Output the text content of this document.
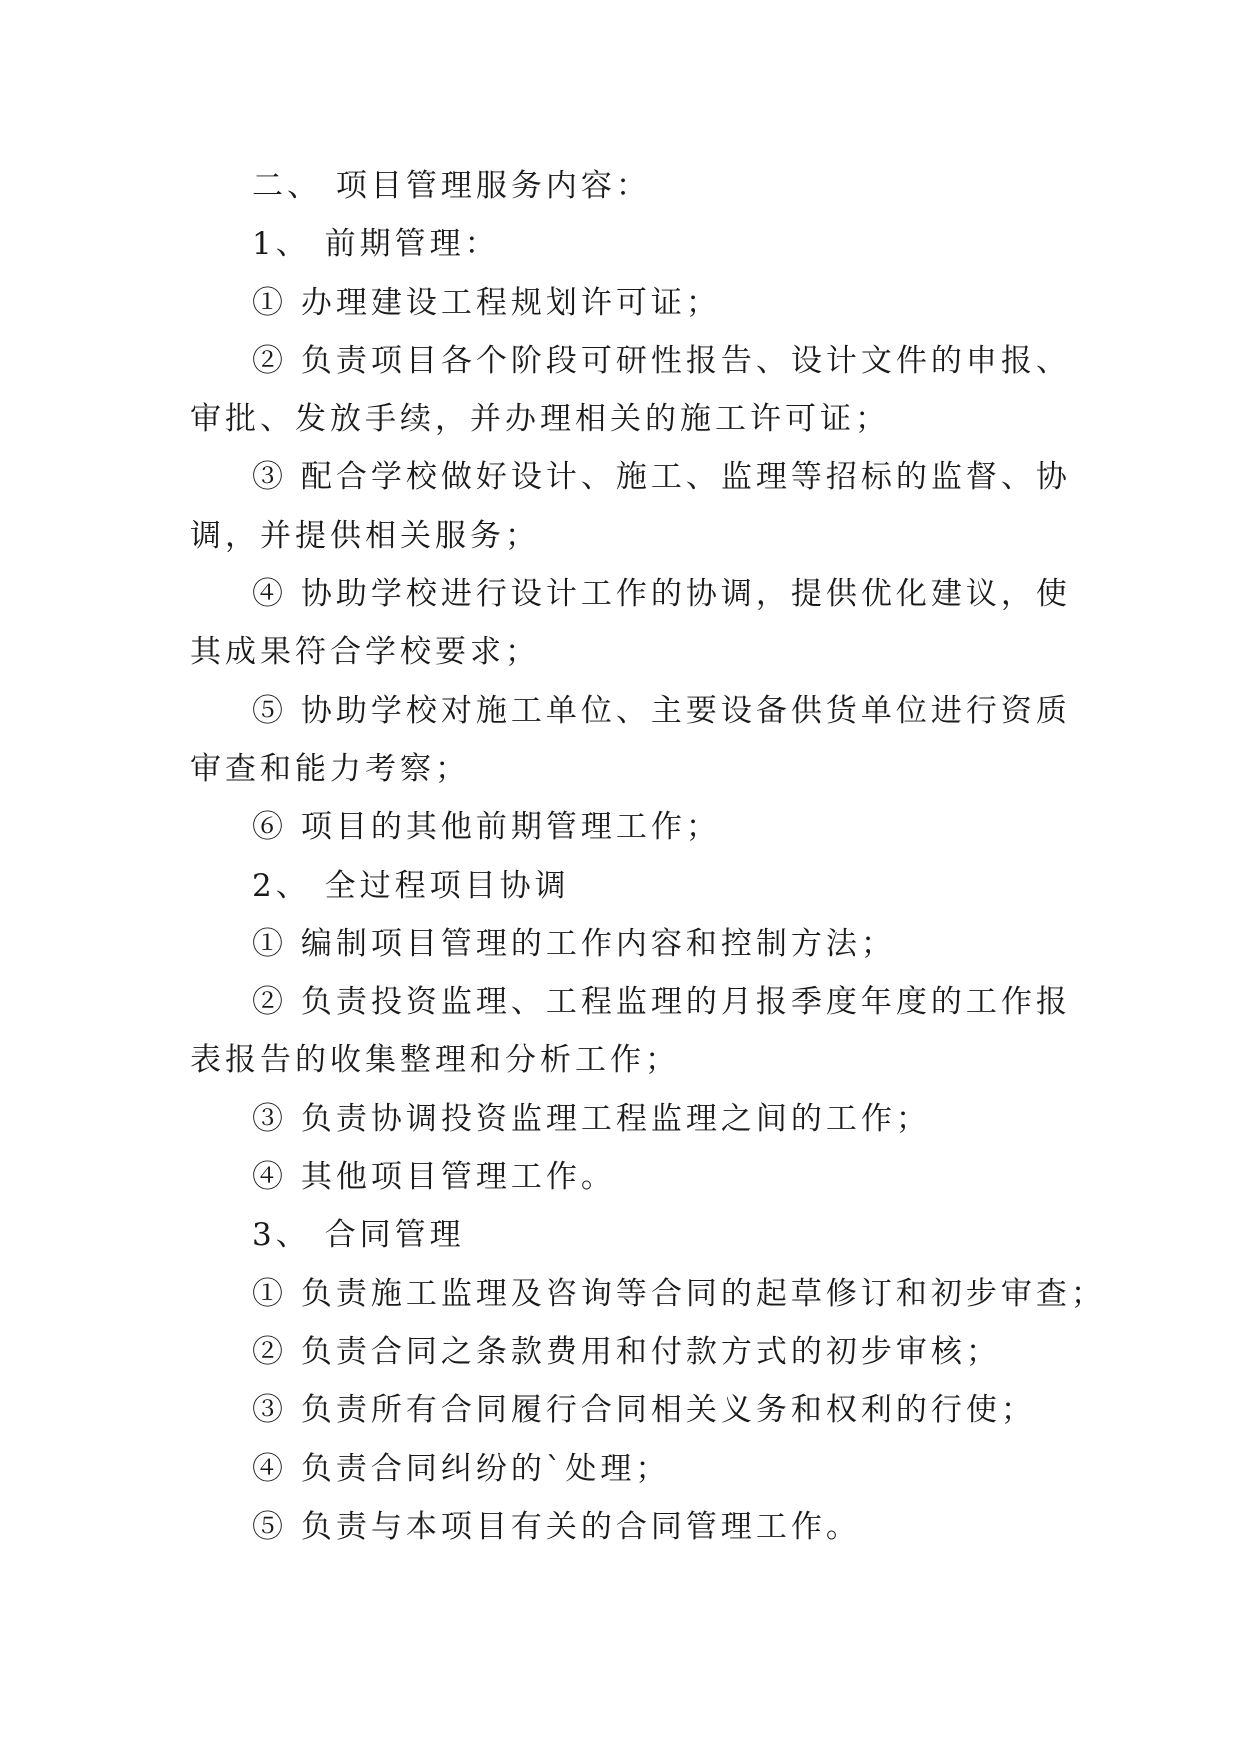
二、 项目管理服务内容：

1、 前期管理：

① 办理建设工程规划许可证；

② 负责项目各个阶段可研性报告、设计文件的申报、

审批、发放手续，并办理相关的施工许可证；

③ 配合学校做好设计、施工、监理等招标的监督、协

调，并提供相关服务；

④ 协助学校进行设计工作的协调，提供优化建议，使

其成果符合学校要求；

⑤ 协助学校对施工单位、主要设备供货单位进行资质

审查和能力考察；

⑥ 项目的其他前期管理工作；

2、 全过程项目协调

① 编制项目管理的工作内容和控制方法；

② 负责投资监理、工程监理的月报季度年度的工作报

表报告的收集整理和分析工作；

③ 负责协调投资监理工程监理之间的工作；

④ 其他项目管理工作。

3、 合同管理

① 负责施工监理及咨询等合同的起草修订和初步审查；

② 负责合同之条款费用和付款方式的初步审核；

③ 负责所有合同履行合同相关义务和权利的行使；

④ 负责合同纠纷的`处理；

⑤ 负责与本项目有关的合同管理工作。
